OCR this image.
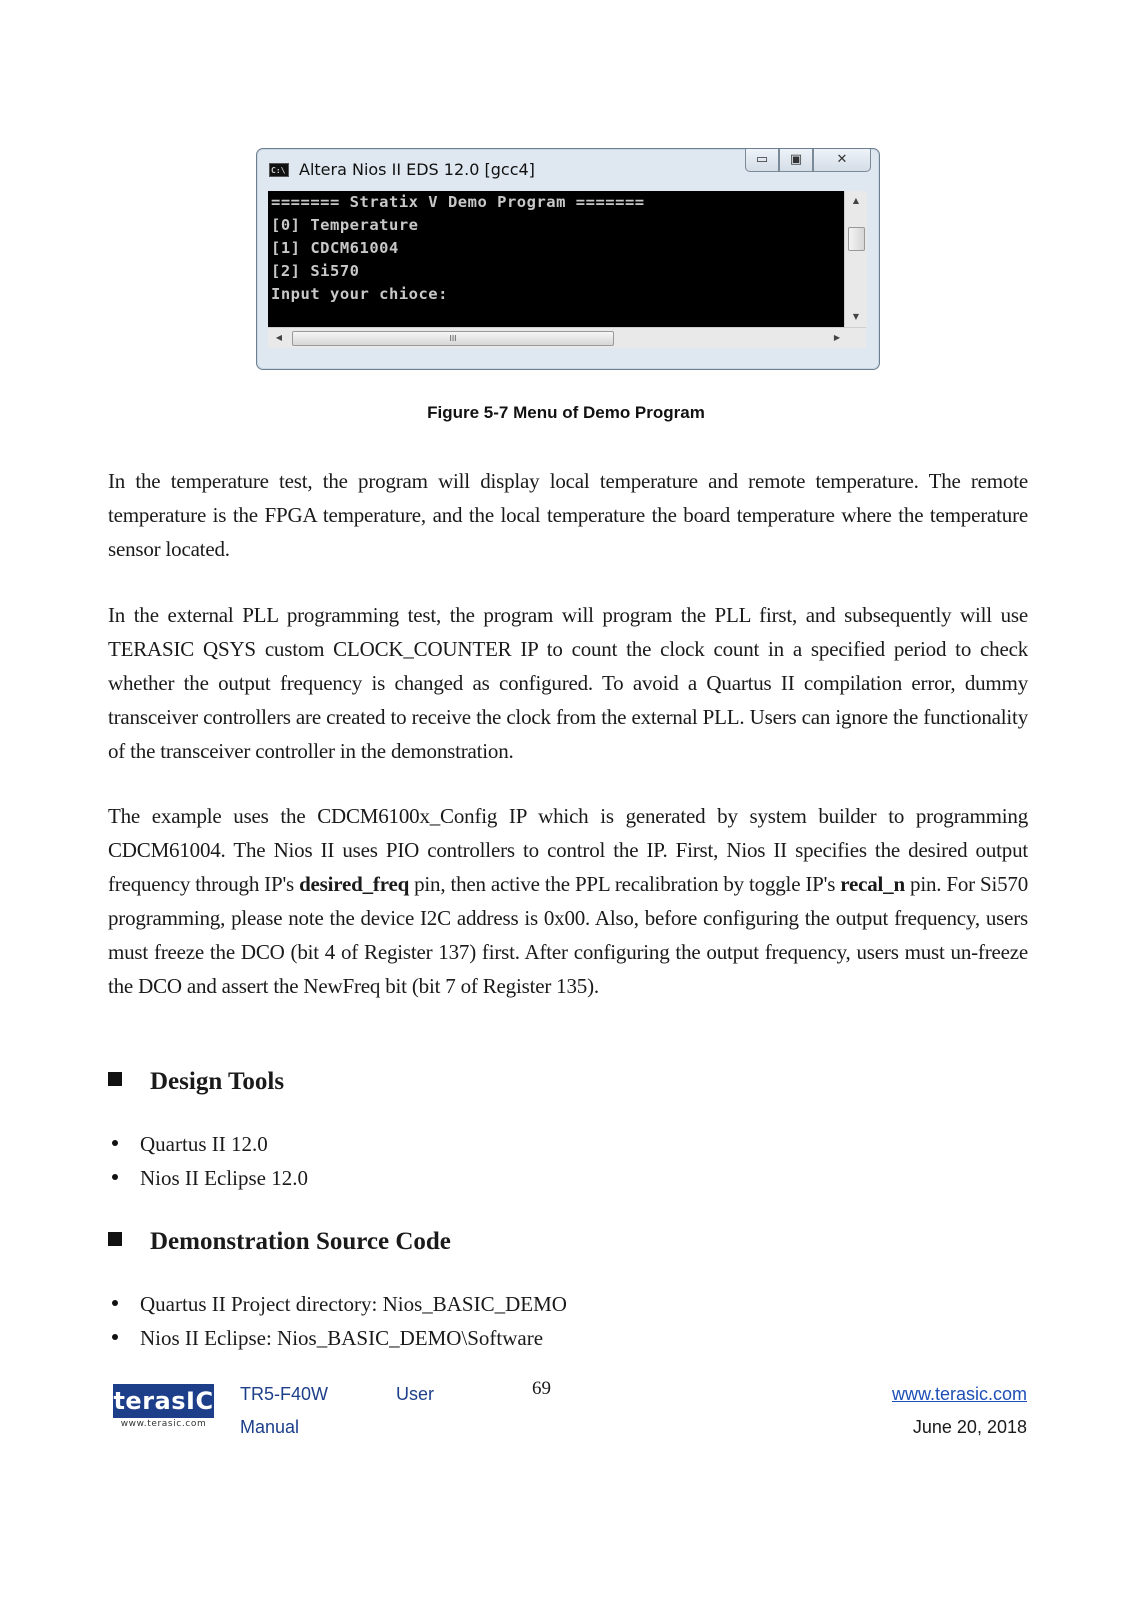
C:\ Altera Nios II EDS 12.0 [gcc4]
▭	▣	✕
======= Stratix V Demo Program =======
[0] Temperature
[1] CDCM61004
[2] Si570
Input your chioce:
▲
▼
◀	III	▶
Figure 5-7 Menu of Demo Program

In the temperature test, the program will display local temperature and remote temperature. The remote temperature is the FPGA temperature, and the local temperature the board temperature where the temperature sensor located.

In the external PLL programming test, the program will program the PLL first, and subsequently will use TERASIC QSYS custom CLOCK_COUNTER IP to count the clock count in a specified period to check whether the output frequency is changed as configured. To avoid a Quartus II compilation error, dummy transceiver controllers are created to receive the clock from the external PLL. Users can ignore the functionality of the transceiver controller in the demonstration.

The example uses the CDCM6100x_Config IP which is generated by system builder to programming CDCM61004. The Nios II uses PIO controllers to control the IP. First, Nios II specifies the desired output frequency through IP's desired_freq pin, then active the PPL recalibration by toggle IP's recal_n pin. For Si570 programming, please note the device I2C address is 0x00. Also, before configuring the output frequency, users must freeze the DCO (bit 4 of Register 137) first. After configuring the output frequency, users must un-freeze the DCO and assert the NewFreq bit (bit 7 of Register 135).

Design Tools
Quartus II 12.0
Nios II Eclipse 12.0
Demonstration Source Code
Quartus II Project directory: Nios_BASIC_DEMO
Nios II Eclipse: Nios_BASIC_DEMO\Software
terasIC
www.terasic.com
TR5-F40W	User
Manual
69	www.terasic.com
June 20, 2018
